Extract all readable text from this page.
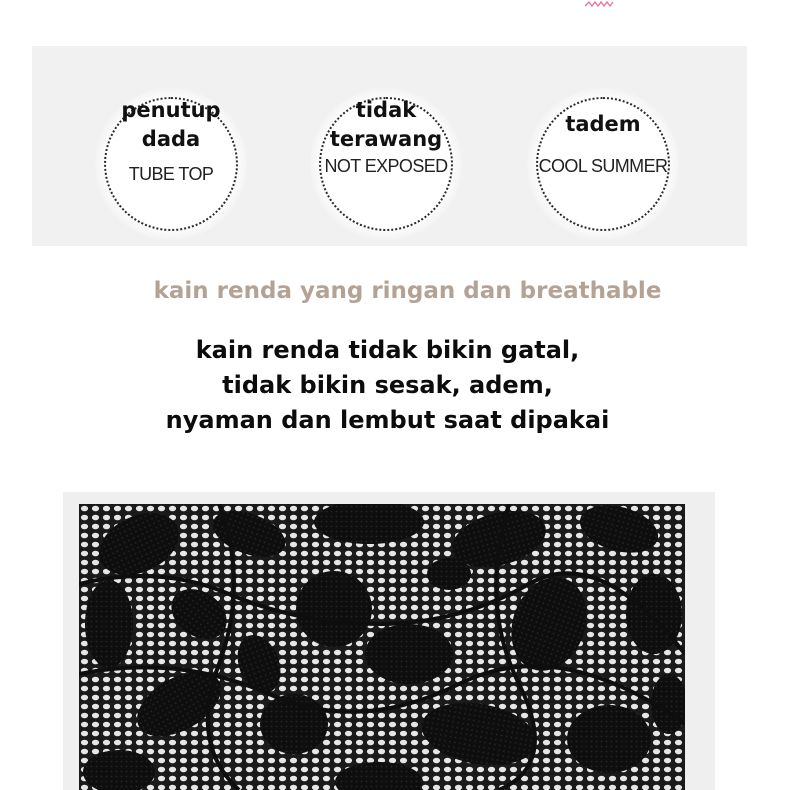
penutup
dada
TUBE TOP
tidak
terawang
NOT EXPOSED
tadem
COOL SUMMER
kain renda yang ringan dan breathable
kain renda tidak bikin gatal,
tidak bikin sesak, adem,
nyaman dan lembut saat dipakai
